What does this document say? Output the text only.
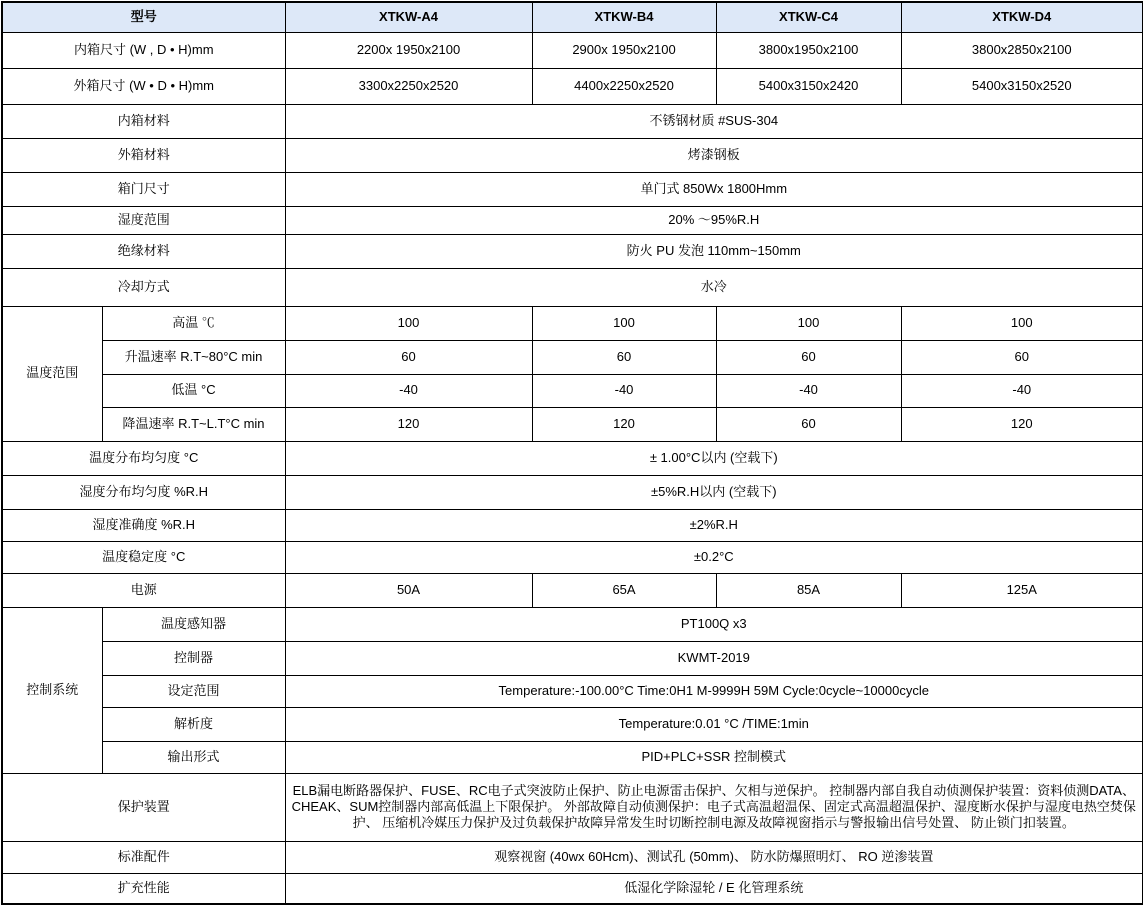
型号		XTKW-A4	XTKW-B4	XTKW-C4	XTKW-D4
内箱尺寸 (W , D • H)mm		2200x 1950x2100	2900x 1950x2100	3800x1950x2100	3800x2850x2100
外箱尺寸 (W • D • H)mm		3300x2250x2520	4400x2250x2520	5400x3150x2420	5400x3150x2520
内箱材料		不锈钢材质 #SUS-304			
外箱材料		烤漆钢板			
箱门尺寸		单门式 850Wx 1800Hmm			
湿度范围		20% 〜95%R.H			
绝缘材料		防火 PU 发泡 110mm~150mm			
冷却方式		水冷			
温度范围	高温 ℃	100	100	100	100
	升温速率 R.T~80°C min	60	60	60	60
	低温 °C	-40	-40	-40	-40
	降温速率 R.T~L.T°C min	120	120	60	120
温度分布均匀度 °C		± 1.00°C以内 (空载下)			
湿度分布均匀度 %R.H		±5%R.H以内 (空载下)			
湿度准确度 %R.H		±2%R.H			
温度稳定度 °C		±0.2°C			
电源		50A	65A	85A	125A
控制系统	温度感知器	PT100Q x3			
	控制器	KWMT-2019			
	设定范围	Temperature:-100.00°C Time:0H1 M-9999H 59M Cycle:0cycle~10000cycle			
	解析度	Temperature:0.01 °C /TIME:1min			
	输出形式	PID+PLC+SSR 控制模式			
保护装置		ELB漏电断路器保护、FUSE、RC电子式突波防止保护、防止电源雷击保护、欠相与逆保护。 控制器内部自我自动侦测保护装置：资料侦测DATA、CHEAK、SUM控制器内部高低温上下限保护。 外部故障自动侦测保护：电子式高温超温保、固定式高温超温保护、湿度断水保护与湿度电热空焚保护、 压缩机冷媒压力保护及过负载保护故障异常发生时切断控制电源及故障视窗指示与警报输出信号处置、 防止锁门扣装置。			
标准配件		观察视窗 (40wx 60Hcm)、测试孔 (50mm)、 防水防爆照明灯、 RO 逆渗装置			
扩充性能		低湿化学除湿轮 / E 化管理系统			
